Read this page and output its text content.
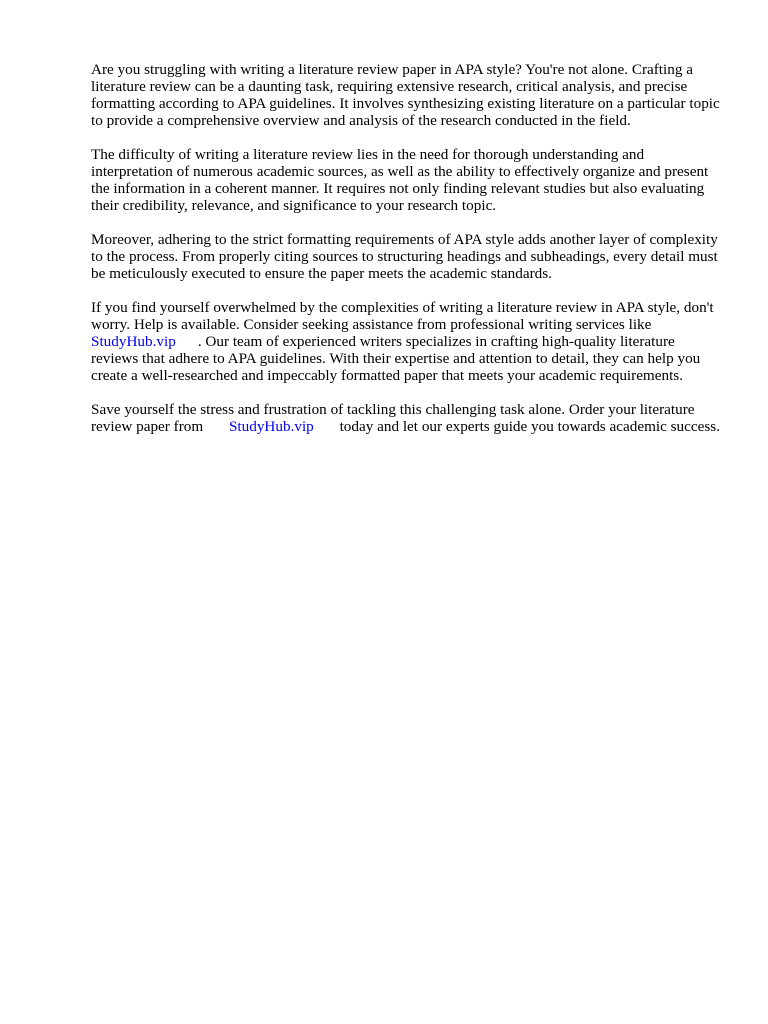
Are you struggling with writing a literature review paper in APA style? You're not alone. Crafting a literature review can be a daunting task, requiring extensive research, critical analysis, and precise formatting according to APA guidelines. It involves synthesizing existing literature on a particular topic to provide a comprehensive overview and analysis of the research conducted in the field.

The difficulty of writing a literature review lies in the need for thorough understanding and interpretation of numerous academic sources, as well as the ability to effectively organize and present the information in a coherent manner. It requires not only finding relevant studies but also evaluating their credibility, relevance, and significance to your research topic.

Moreover, adhering to the strict formatting requirements of APA style adds another layer of complexity to the process. From properly citing sources to structuring headings and subheadings, every detail must be meticulously executed to ensure the paper meets the academic standards.

If you find yourself overwhelmed by the complexities of writing a literature review in APA style, don't worry. Help is available. Consider seeking assistance from professional writing services like StudyHub.vip . Our team of experienced writers specializes in crafting high-quality literature reviews that adhere to APA guidelines. With their expertise and attention to detail, they can help you create a well-researched and impeccably formatted paper that meets your academic requirements.

Save yourself the stress and frustration of tackling this challenging task alone. Order your literature review paper from StudyHub.vip today and let our experts guide you towards academic success.
